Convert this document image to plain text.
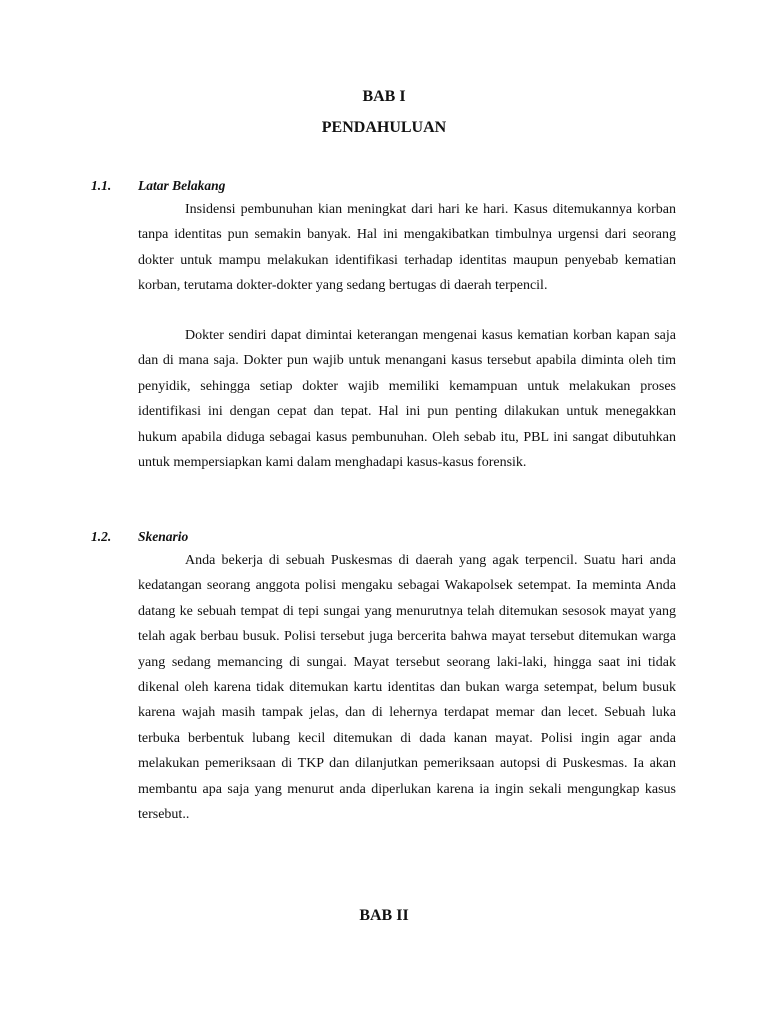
BAB I
PENDAHULUAN
1.1. Latar Belakang

Insidensi pembunuhan kian meningkat dari hari ke hari. Kasus ditemukannya korban tanpa identitas pun semakin banyak. Hal ini mengakibatkan timbulnya urgensi dari seorang dokter untuk mampu melakukan identifikasi terhadap identitas maupun penyebab kematian korban, terutama dokter-dokter yang sedang bertugas di daerah terpencil.

Dokter sendiri dapat dimintai keterangan mengenai kasus kematian korban kapan saja dan di mana saja. Dokter pun wajib untuk menangani kasus tersebut apabila diminta oleh tim penyidik, sehingga setiap dokter wajib memiliki kemampuan untuk melakukan proses identifikasi ini dengan cepat dan tepat. Hal ini pun penting dilakukan untuk menegakkan hukum apabila diduga sebagai kasus pembunuhan. Oleh sebab itu, PBL ini sangat dibutuhkan untuk mempersiapkan kami dalam menghadapi kasus-kasus forensik.

1.2. Skenario

Anda bekerja di sebuah Puskesmas di daerah yang agak terpencil. Suatu hari anda kedatangan seorang anggota polisi mengaku sebagai Wakapolsek setempat. Ia meminta Anda datang ke sebuah tempat di tepi sungai yang menurutnya telah ditemukan sesosok mayat yang telah agak berbau busuk. Polisi tersebut juga bercerita bahwa mayat tersebut ditemukan warga yang sedang memancing di sungai. Mayat tersebut seorang laki-laki, hingga saat ini tidak dikenal oleh karena tidak ditemukan kartu identitas dan bukan warga setempat, belum busuk karena wajah masih tampak jelas, dan di lehernya terdapat memar dan lecet. Sebuah luka terbuka berbentuk lubang kecil ditemukan di dada kanan mayat. Polisi ingin agar anda melakukan pemeriksaan di TKP dan dilanjutkan pemeriksaan autopsi di Puskesmas. Ia akan membantu apa saja yang menurut anda diperlukan karena ia ingin sekali mengungkap kasus tersebut..

BAB II
